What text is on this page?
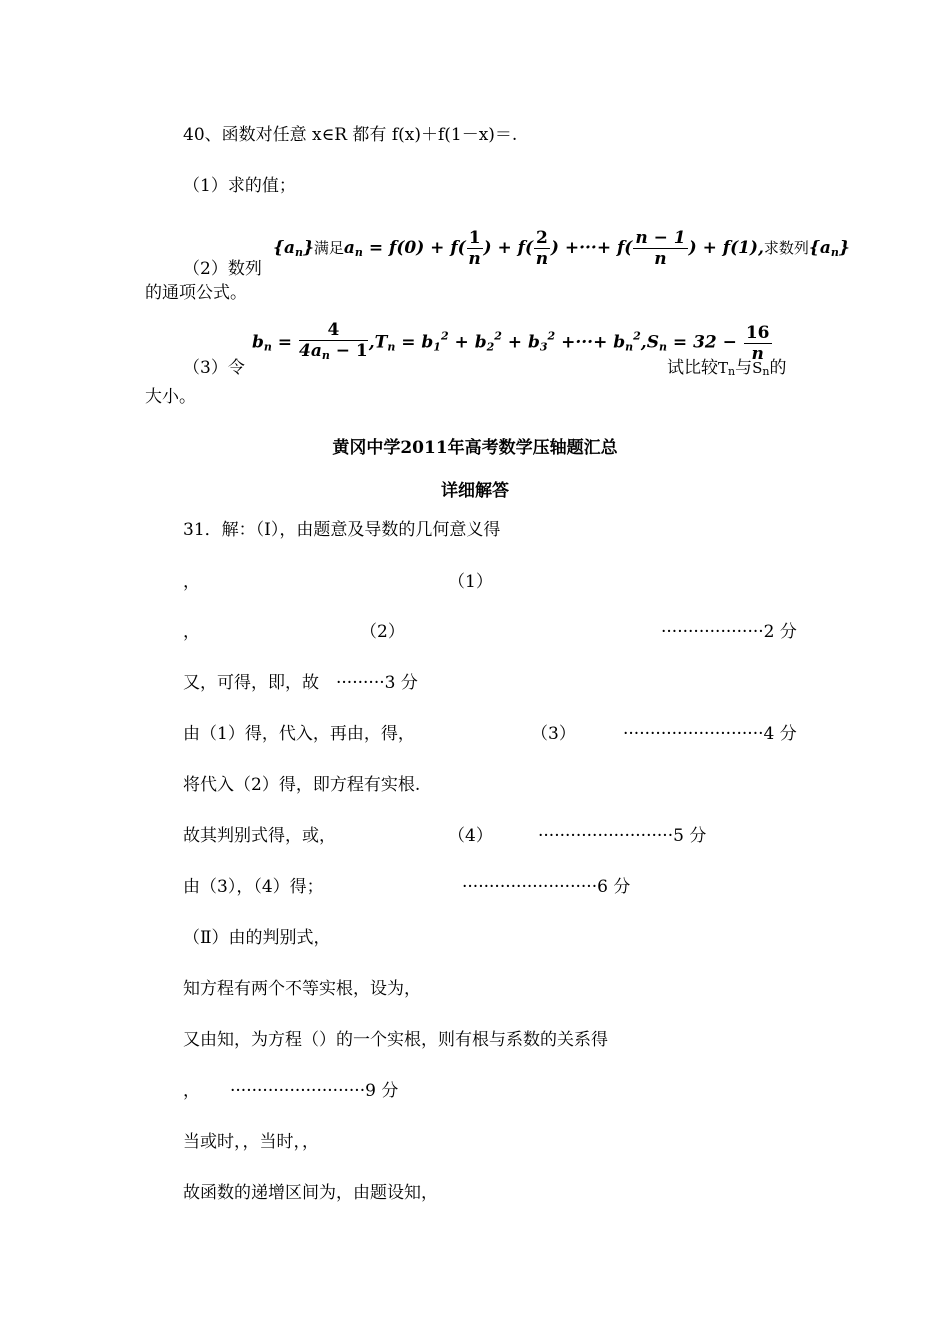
40、函数对任意 x∈R 都有 f(x)＋f(1－x)＝.
（1）求的值；
$\{a_n\}$满足$a_n = f(0) + f( \frac{1}{n}$ ) + $f( \frac{2}{n}$ ) +···+ $f( \frac{n - 1}{n}$ ) + f(1),求数列$\{a_n\}$
（2）数列
的通项公式。
$b_n = \frac{4}{4a_n - 1} ,T_n = b_1^2 + b_2^2 + b_3^2$ +···+ $b_n^2,S_n = 32 - \frac{16}{n}$
（3）令	试比较Tn与Sn的
大小。
黄冈中学2011年高考数学压轴题汇总
详细解答
31．解：（Ⅰ），由题意及导数的几何意义得
，	（1）
，	（2）	···················2 分
又，可得，即，故　·········3 分
由（1）得，代入，再由，得，	（3）	··························4 分
将代入（2）得，即方程有实根.
故其判别式得，或，	（4）	·························5 分
由（3），（4）得；	·························6 分
（Ⅱ）由的判别式，
知方程有两个不等实根，设为，
又由知，为方程（）的一个实根，则有根与系数的关系得
， ·························9 分
当或时，，当时，，
故函数的递增区间为，由题设知，
